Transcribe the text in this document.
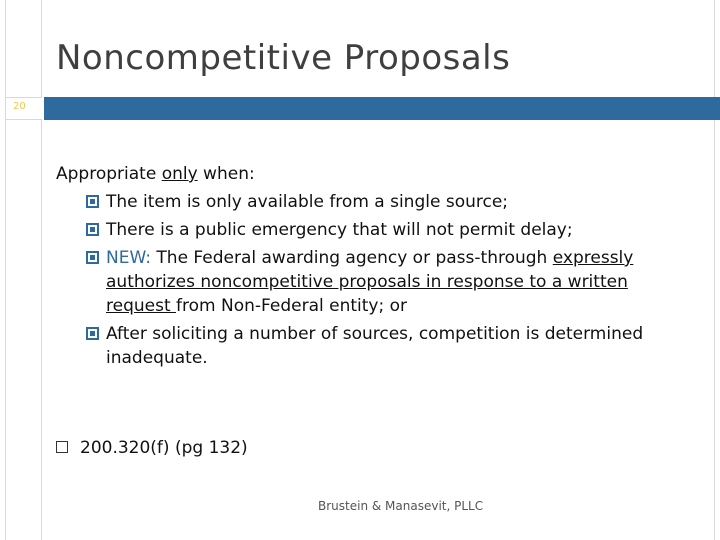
Noncompetitive Proposals
20
Appropriate only when:
The item is only available from a single source;
There is a public emergency that will not permit delay;
NEW: The Federal awarding agency or pass-through expressly authorizes noncompetitive proposals in response to a written request from Non-Federal entity; or
After soliciting a number of sources, competition is determined inadequate.
200.320(f) (pg 132)
Brustein & Manasevit, PLLC
